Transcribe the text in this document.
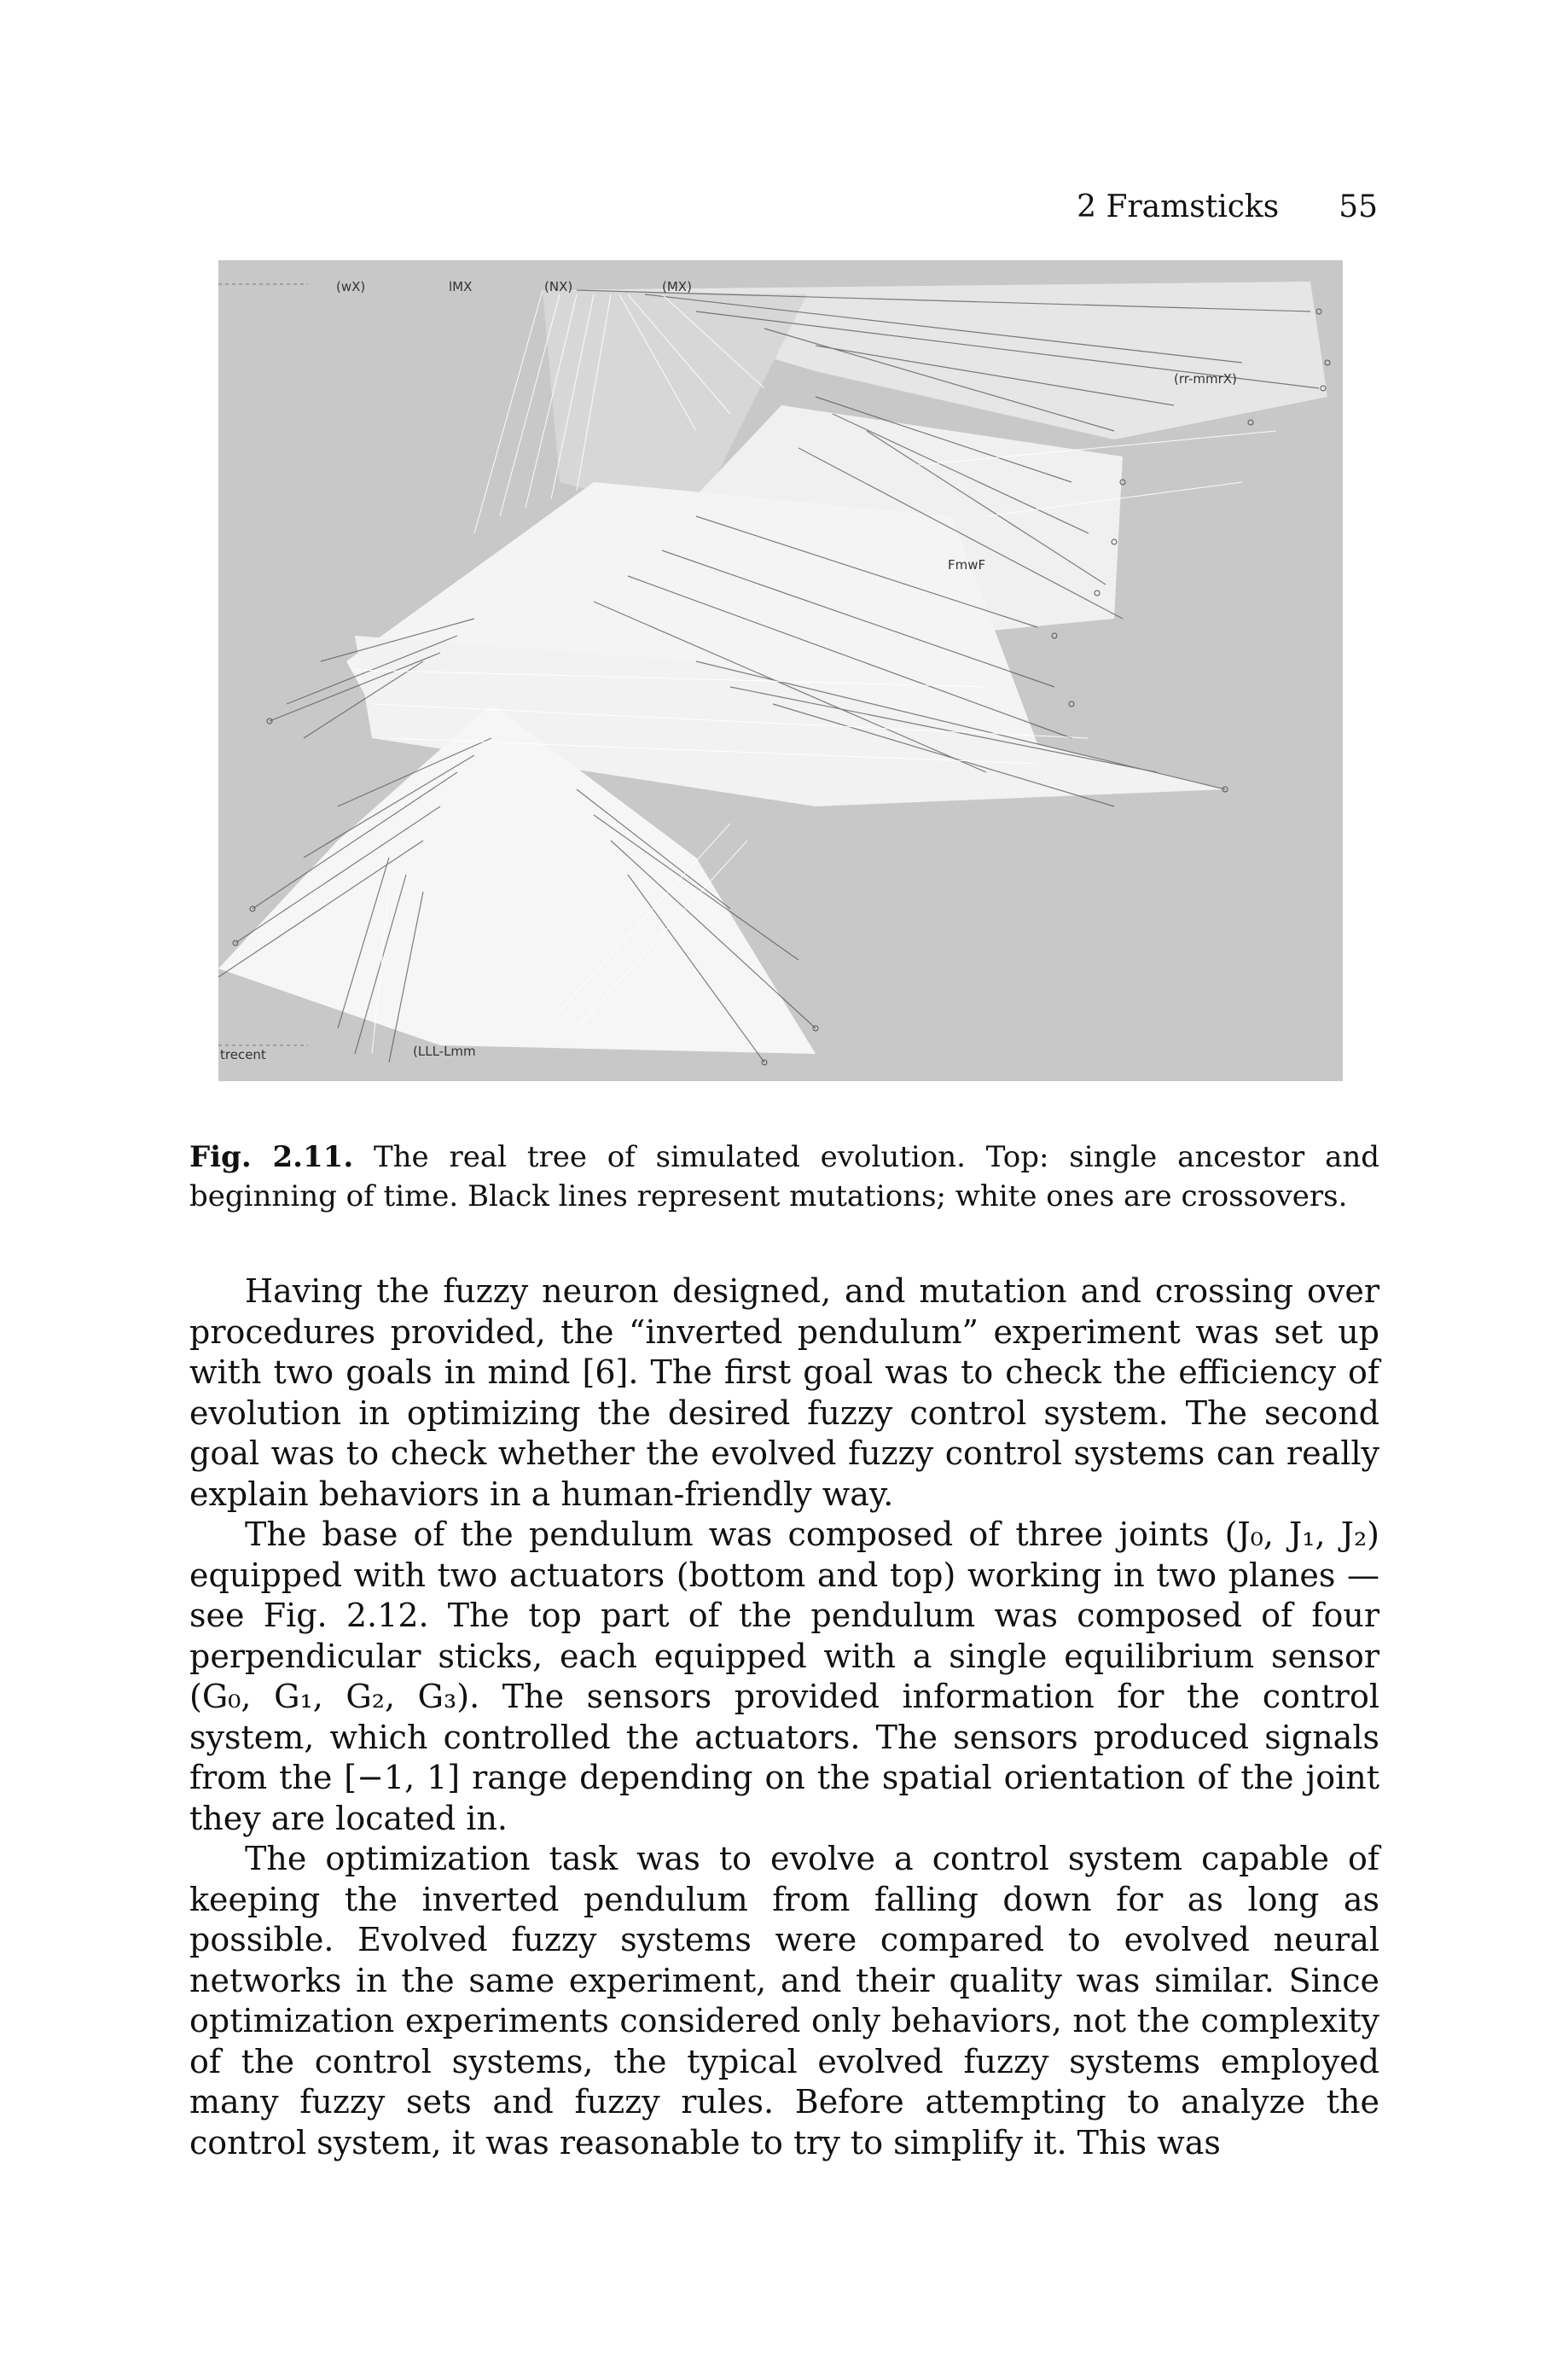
2 Framsticks 55
(wX)	lMX	(NX)	(MX)
(rr-mmrX)
FmwF
trecent	(LLL-Lmm
Fig. 2.11. The real tree of simulated evolution. Top: single ancestor and beginning of time. Black lines represent mutations; white ones are crossovers.

Having the fuzzy neuron designed, and mutation and crossing over procedures provided, the “inverted pendulum” experiment was set up with two goals in mind [6]. The first goal was to check the efficiency of evolution in optimizing the desired fuzzy control system. The second goal was to check whether the evolved fuzzy control systems can really explain behaviors in a human-friendly way.

The base of the pendulum was composed of three joints (J₀, J₁, J₂) equipped with two actuators (bottom and top) working in two planes — see Fig. 2.12. The top part of the pendulum was composed of four perpendicular sticks, each equipped with a single equilibrium sensor (G₀, G₁, G₂, G₃). The sensors provided information for the control system, which controlled the actuators. The sensors produced signals from the [−1, 1] range depending on the spatial orientation of the joint they are located in.

The optimization task was to evolve a control system capable of keeping the inverted pendulum from falling down for as long as possible. Evolved fuzzy systems were compared to evolved neural networks in the same experiment, and their quality was similar. Since optimization experiments considered only behaviors, not the complexity of the control systems, the typical evolved fuzzy systems employed many fuzzy sets and fuzzy rules. Before attempting to analyze the control system, it was reasonable to try to simplify it. This was
